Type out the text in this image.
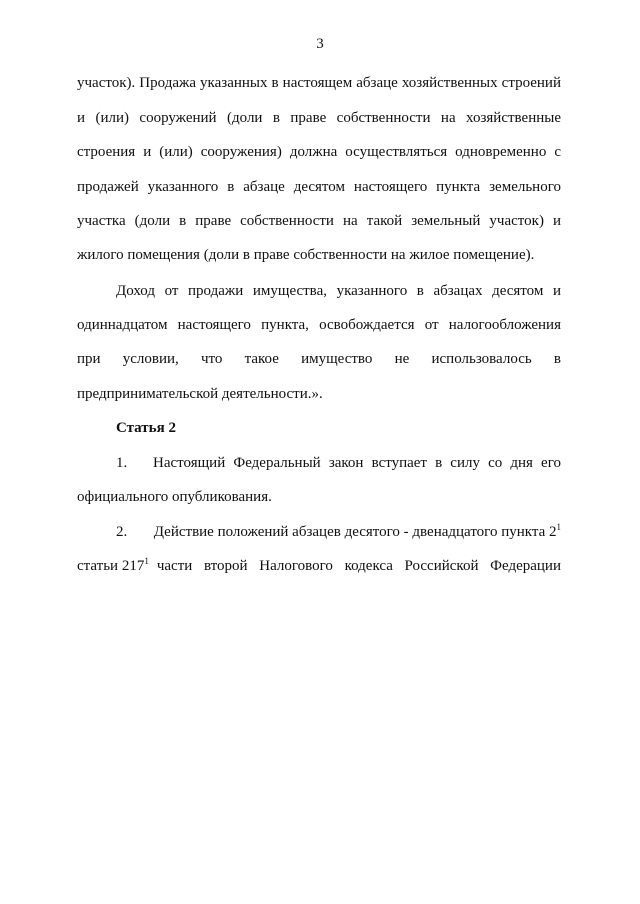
3
участок). Продажа указанных в настоящем абзаце хозяйственных строений
и (или) сооружений (доли в праве собственности на хозяйственные
строения и (или) сооружения) должна осуществляться одновременно с
продажей указанного в абзаце десятом настоящего пункта земельного
участка (доли в праве собственности на такой земельный участок) и
жилого помещения (доли в праве собственности на жилое помещение).
Доход от продажи имущества, указанного в абзацах десятом и
одиннадцатом настоящего пункта, освобождается от налогообложения
при условии, что такое имущество не использовалось в
предпринимательской деятельности.».
Статья 2
1.	Настоящий Федеральный закон вступает в силу со дня его
официального опубликования.
2.	Действие положений абзацев десятого - двенадцатого пункта $2^1$
статьи $217^1$ части второй Налогового кодекса Российской Федерации
